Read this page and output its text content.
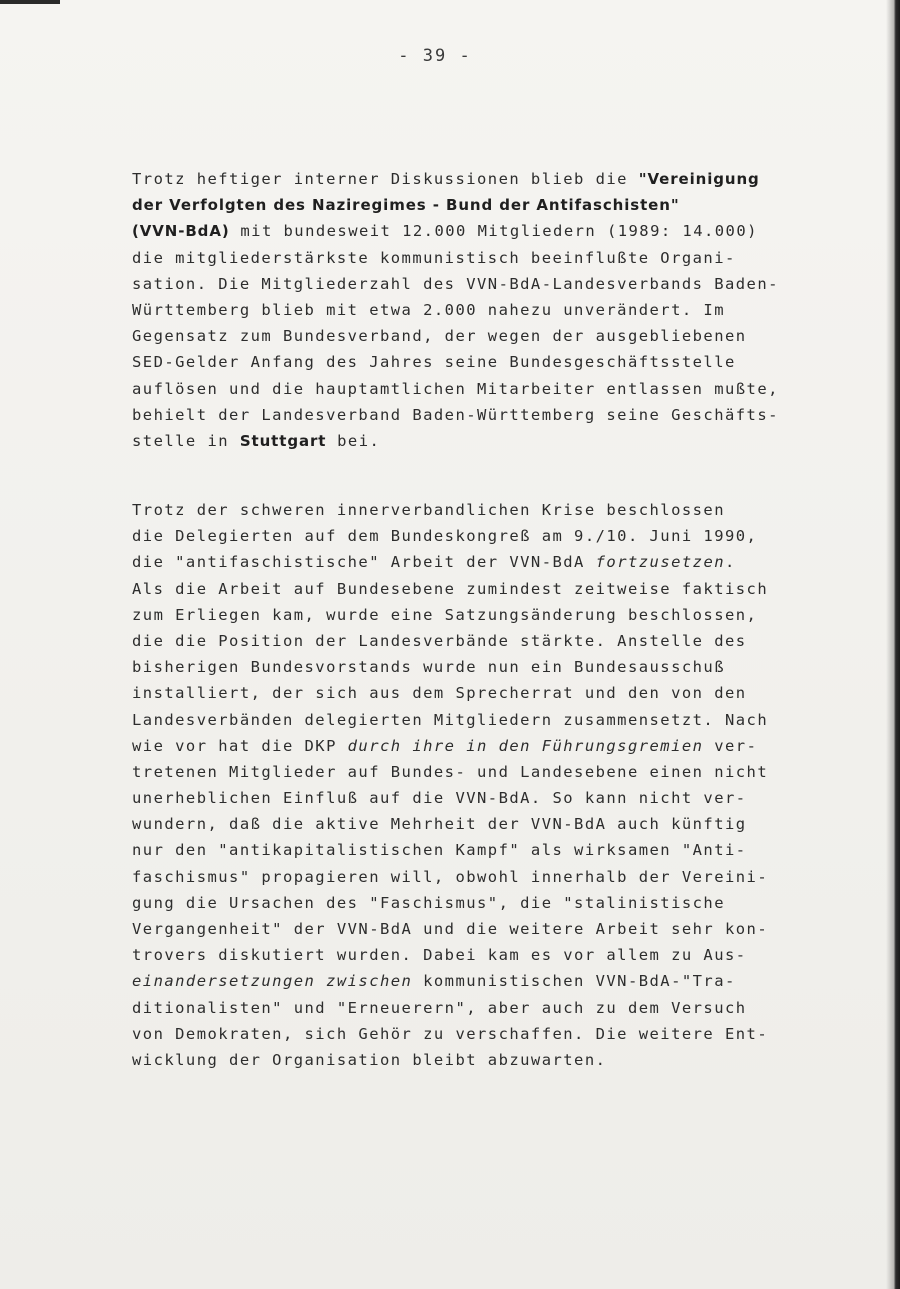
- 39 -
Trotz heftiger interner Diskussionen blieb die "Vereinigung
der Verfolgten des Naziregimes - Bund der Antifaschisten"
(VVN-BdA) mit bundesweit 12.000 Mitgliedern (1989: 14.000)
die mitgliederstärkste kommunistisch beeinflußte Organi-
sation. Die Mitgliederzahl des VVN-BdA-Landesverbands Baden-
Württemberg blieb mit etwa 2.000 nahezu unverändert. Im
Gegensatz zum Bundesverband, der wegen der ausgebliebenen
SED-Gelder Anfang des Jahres seine Bundesgeschäftsstelle
auflösen und die hauptamtlichen Mitarbeiter entlassen mußte,
behielt der Landesverband Baden-Württemberg seine Geschäfts-
stelle in Stuttgart bei.
Trotz der schweren innerverbandlichen Krise beschlossen
die Delegierten auf dem Bundeskongreß am 9./10. Juni 1990,
die "antifaschistische" Arbeit der VVN-BdA fortzusetzen.
Als die Arbeit auf Bundesebene zumindest zeitweise faktisch
zum Erliegen kam, wurde eine Satzungsänderung beschlossen,
die die Position der Landesverbände stärkte. Anstelle des
bisherigen Bundesvorstands wurde nun ein Bundesausschuß
installiert, der sich aus dem Sprecherrat und den von den
Landesverbänden delegierten Mitgliedern zusammensetzt. Nach
wie vor hat die DKP durch ihre in den Führungsgremien ver-
tretenen Mitglieder auf Bundes- und Landesebene einen nicht
unerheblichen Einfluß auf die VVN-BdA. So kann nicht ver-
wundern, daß die aktive Mehrheit der VVN-BdA auch künftig
nur den "antikapitalistischen Kampf" als wirksamen "Anti-
faschismus" propagieren will, obwohl innerhalb der Vereini-
gung die Ursachen des "Faschismus", die "stalinistische
Vergangenheit" der VVN-BdA und die weitere Arbeit sehr kon-
trovers diskutiert wurden. Dabei kam es vor allem zu Aus-
einandersetzungen zwischen kommunistischen VVN-BdA-"Tra-
ditionalisten" und "Erneuerern", aber auch zu dem Versuch
von Demokraten, sich Gehör zu verschaffen. Die weitere Ent-
wicklung der Organisation bleibt abzuwarten.
